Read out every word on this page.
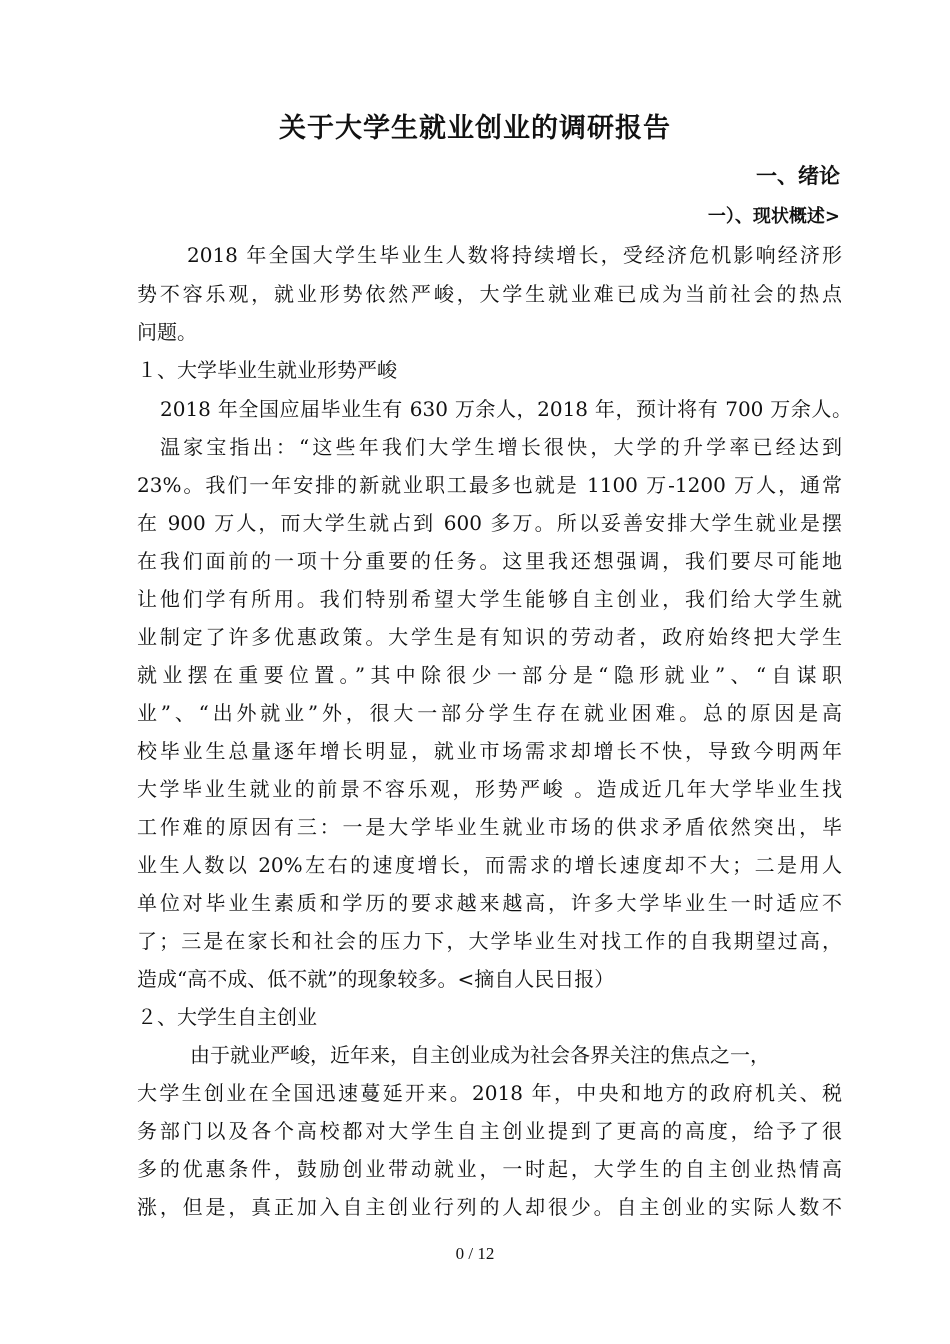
关于大学生就业创业的调研报告
一、绪论
一）、现状概述>
2018 年全国大学生毕业生人数将持续增长，受经济危机影响经济形
势不容乐观，就业形势依然严峻，大学生就业难已成为当前社会的热点
问题。
１、大学毕业生就业形势严峻
2018 年全国应届毕业生有 630 万余人，2018 年，预计将有 700 万余人。
温家宝指出：“这些年我们大学生增长很快，大学的升学率已经达到
23%。我们一年安排的新就业职工最多也就是 1100 万-1200 万人，通常
在 900 万人，而大学生就占到 600 多万。所以妥善安排大学生就业是摆
在我们面前的一项十分重要的任务。这里我还想强调，我们要尽可能地
让他们学有所用。我们特别希望大学生能够自主创业，我们给大学生就
业制定了许多优惠政策。大学生是有知识的劳动者，政府始终把大学生
就业摆在重要位置。”其中除很少一部分是“隐形就业”、“自谋职
业”、“出外就业”外，很大一部分学生存在就业困难。总的原因是高
校毕业生总量逐年增长明显，就业市场需求却增长不快，导致今明两年
大学毕业生就业的前景不容乐观，形势严峻 。造成近几年大学毕业生找
工作难的原因有三：一是大学毕业生就业市场的供求矛盾依然突出，毕
业生人数以 20%左右的速度增长，而需求的增长速度却不大；二是用人
单位对毕业生素质和学历的要求越来越高，许多大学毕业生一时适应不
了；三是在家长和社会的压力下，大学毕业生对找工作的自我期望过高，
造成“高不成、低不就”的现象较多。<摘自人民日报）
２、大学生自主创业
由于就业严峻，近年来，自主创业成为社会各界关注的焦点之一，
大学生创业在全国迅速蔓延开来。2018 年，中央和地方的政府机关、税
务部门以及各个高校都对大学生自主创业提到了更高的高度，给予了很
多的优惠条件，鼓励创业带动就业，一时起，大学生的自主创业热情高
涨，但是，真正加入自主创业行列的人却很少。自主创业的实际人数不
0 / 12
